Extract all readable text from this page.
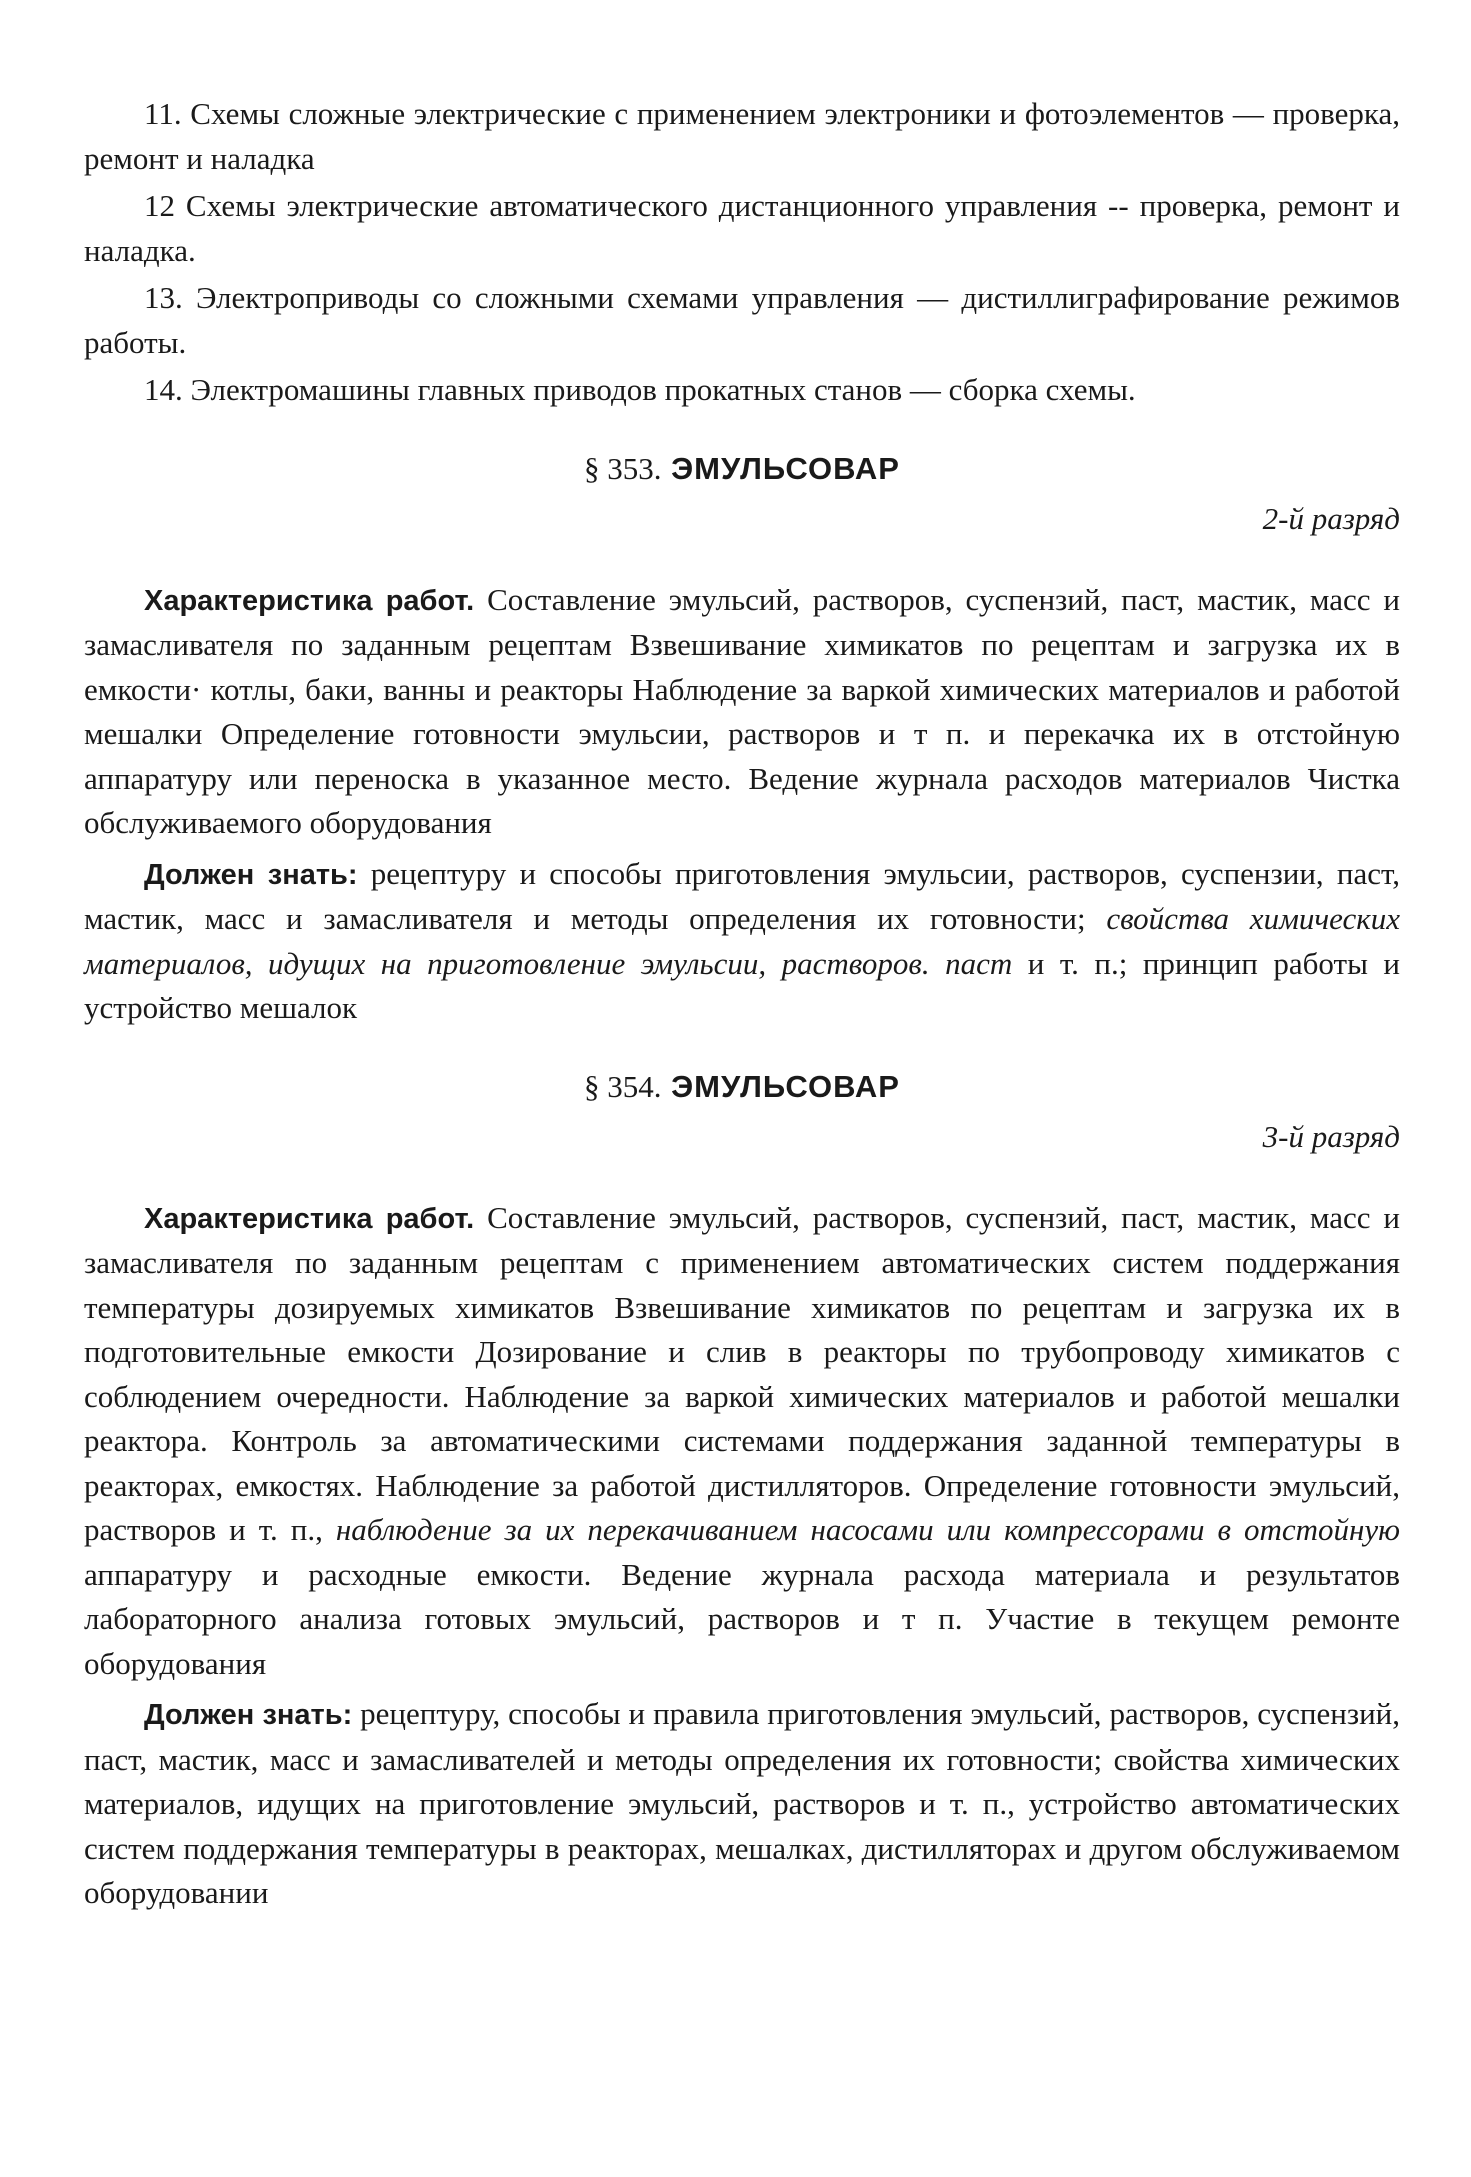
11. Схемы сложные электрические с применением электроники и фотоэлементов — проверка, ремонт и наладка

12 Схемы электрические автоматического дистанционного управления -- проверка, ремонт и наладка.

13. Электроприводы со сложными схемами управления — дистиллиграфирование режимов работы.

14. Электромашины главных приводов прокатных станов — сборка схемы.

§ 353. ЭМУЛЬСОВАР
2-й разряд

Характеристика работ. Составление эмульсий, растворов, суспензий, паст, мастик, масс и замасливателя по заданным рецептам Взвешивание химикатов по рецептам и загрузка их в емкости· котлы, баки, ванны и реакторы Наблюдение за варкой химических материалов и работой мешалки Определение готовности эмульсии, растворов и т п. и перекачка их в отстойную аппаратуру или переноска в указанное место. Ведение журнала расходов материалов Чистка обслуживаемого оборудования

Должен знать: рецептуру и способы приготовления эмульсии, растворов, суспензии, паст, мастик, масс и замасливателя и методы определения их готовности; свойства химических материалов, идущих на приготовление эмульсии, растворов. паст и т. п.; принцип работы и устройство мешалок

§ 354. ЭМУЛЬСОВАР
3-й разряд

Характеристика работ. Составление эмульсий, растворов, суспензий, паст, мастик, масс и замасливателя по заданным рецептам с применением автоматических систем поддержания температуры дозируемых химикатов Взвешивание химикатов по рецептам и загрузка их в подготовительные емкости Дозирование и слив в реакторы по трубопроводу химикатов с соблюдением очередности. Наблюдение за варкой химических материалов и работой мешалки реактора. Контроль за автоматическими системами поддержания заданной температуры в реакторах, емкостях. Наблюдение за работой дистилляторов. Определение готовности эмульсий, растворов и т. п., наблюдение за их перекачиванием насосами или компрессорами в отстойную аппаратуру и расходные емкости. Ведение журнала расхода материала и результатов лабораторного анализа готовых эмульсий, растворов и т п. Участие в текущем ремонте оборудования

Должен знать: рецептуру, способы и правила приготовления эмульсий, растворов, суспензий, паст, мастик, масс и замасливателей и методы определения их готовности; свойства химических материалов, идущих на приготовление эмульсий, растворов и т. п., устройство автоматических систем поддержания температуры в реакторах, мешалках, дистилляторах и другом обслуживаемом оборудовании
